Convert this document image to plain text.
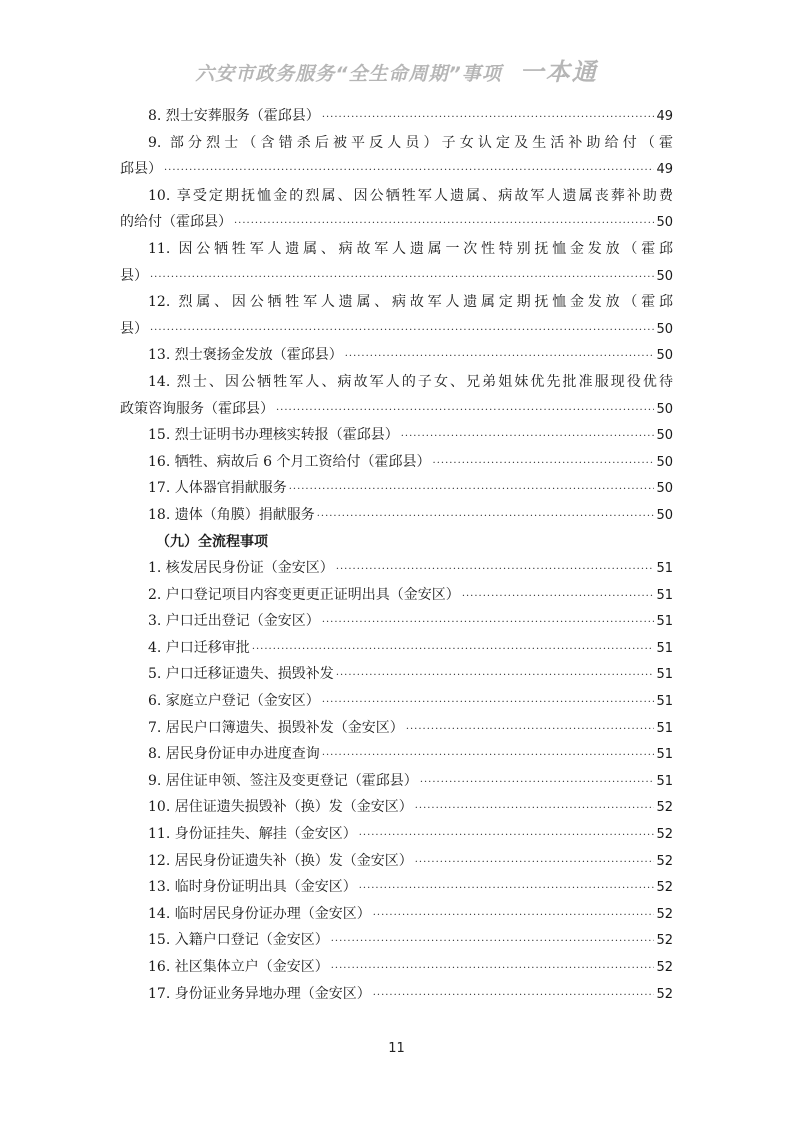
六安市政务服务“全生命周期”事项 一本通
8. 烈士安葬服务（霍邱县） ·····	49
9. 部分烈士（含错杀后被平反人员）子女认定及生活补助给付（霍
邱县） ·····	49
10. 享受定期抚恤金的烈属、因公牺牲军人遗属、病故军人遗属丧葬补助费
的给付（霍邱县） ·····	50
11. 因公牺牲军人遗属、病故军人遗属一次性特别抚恤金发放（霍邱
县） ·····	50
12. 烈属、因公牺牲军人遗属、病故军人遗属定期抚恤金发放（霍邱
县） ·····	50
13. 烈士褒扬金发放（霍邱县） ·····	50
14. 烈士、因公牺牲军人、病故军人的子女、兄弟姐妹优先批准服现役优待
政策咨询服务（霍邱县） ·····	50
15. 烈士证明书办理核实转报（霍邱县） ·····	50
16. 牺牲、病故后 6 个月工资给付（霍邱县） ·····	50
17. 人体器官捐献服务 ·····	50
18. 遗体（角膜）捐献服务 ·····	50
（九）全流程事项
1. 核发居民身份证（金安区） ·····	51
2. 户口登记项目内容变更更正证明出具（金安区） ·····	51
3. 户口迁出登记（金安区） ·····	51
4. 户口迁移审批 ·····	51
5. 户口迁移证遗失、损毁补发 ·····	51
6. 家庭立户登记（金安区） ·····	51
7. 居民户口簿遗失、损毁补发（金安区） ·····	51
8. 居民身份证申办进度查询 ·····	51
9. 居住证申领、签注及变更登记（霍邱县） ·····	51
10. 居住证遗失损毁补（换）发（金安区） ·····	52
11. 身份证挂失、解挂（金安区） ·····	52
12. 居民身份证遗失补（换）发（金安区） ·····	52
13. 临时身份证明出具（金安区） ·····	52
14. 临时居民身份证办理（金安区） ·····	52
15. 入籍户口登记（金安区） ·····	52
16. 社区集体立户（金安区） ·····	52
17. 身份证业务异地办理（金安区） ·····	52
11
